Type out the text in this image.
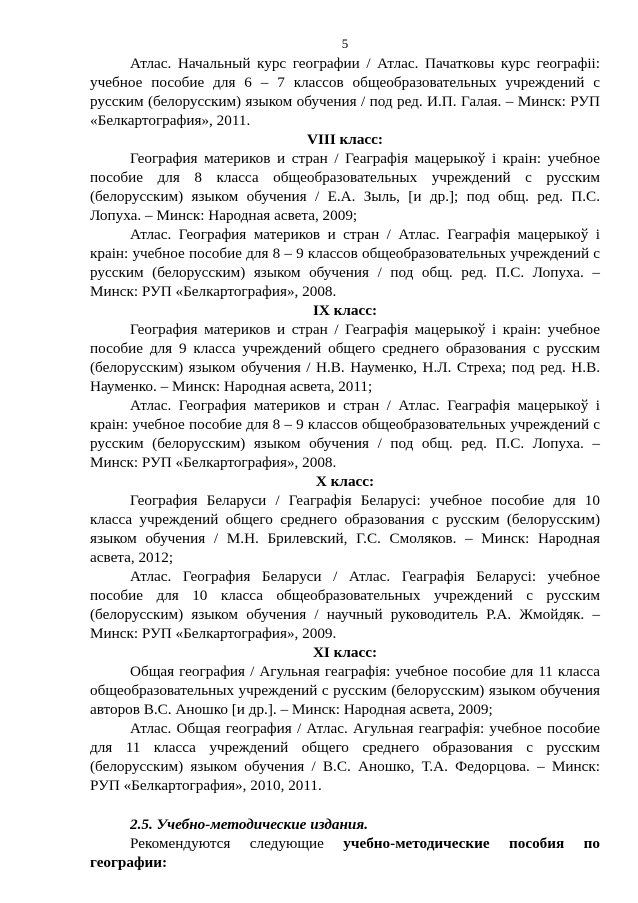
5

Атлас. Начальный курс географии / Атлас. Пачатковы курс географіі: учебное пособие для 6 – 7 классов общеобразовательных учреждений с русским (белорусским) языком обучения / под ред. И.П. Галая. – Минск: РУП «Белкартография», 2011.

VIII класс:

География материков и стран / Геаграфія мацерыкоў і краін: учебное пособие для 8 класса общеобразовательных учреждений с русским (белорусским) языком обучения / Е.А. Зыль, [и др.]; под общ. ред. П.С. Лопуха. – Минск: Народная асвета, 2009;

Атлас. География материков и стран / Атлас. Геаграфія мацерыкоў і краін: учебное пособие для 8 – 9 классов общеобразовательных учреждений с русским (белорусским) языком обучения / под общ. ред. П.С. Лопуха. – Минск: РУП «Белкартография», 2008.

IX класс:

География материков и стран / Геаграфія мацерыкоў і краін: учебное пособие для 9 класса учреждений общего среднего образования с русским (белорусским) языком обучения / Н.В. Науменко, Н.Л. Стреха; под ред. Н.В. Науменко. – Минск: Народная асвета, 2011;

Атлас. География материков и стран / Атлас. Геаграфія мацерыкоў і краін: учебное пособие для 8 – 9 классов общеобразовательных учреждений с русским (белорусским) языком обучения / под общ. ред. П.С. Лопуха. – Минск: РУП «Белкартография», 2008.

X класс:

География Беларуси / Геаграфія Беларусі: учебное пособие для 10 класса учреждений общего среднего образования с русским (белорусским) языком обучения / М.Н. Брилевский, Г.С. Смоляков. – Минск: Народная асвета, 2012;

Атлас. География Беларуси / Атлас. Геаграфія Беларусі: учебное пособие для 10 класса общеобразовательных учреждений с русским (белорусским) языком обучения / научный руководитель Р.А. Жмойдяк. – Минск: РУП «Белкартография», 2009.

XI класс:

Общая география / Агульная геаграфія: учебное пособие для 11 класса общеобразовательных учреждений с русским (белорусским) языком обучения авторов В.С. Аношко [и др.]. – Минск: Народная асвета, 2009;

Атлас. Общая география / Атлас. Агульная геаграфія: учебное пособие для 11 класса учреждений общего среднего образования с русским (белорусским) языком обучения / В.С. Аношко, Т.А. Федорцова. – Минск: РУП «Белкартография», 2010, 2011.

2.5. Учебно-методические издания.

Рекомендуются следующие учебно-методические пособия по географии:
